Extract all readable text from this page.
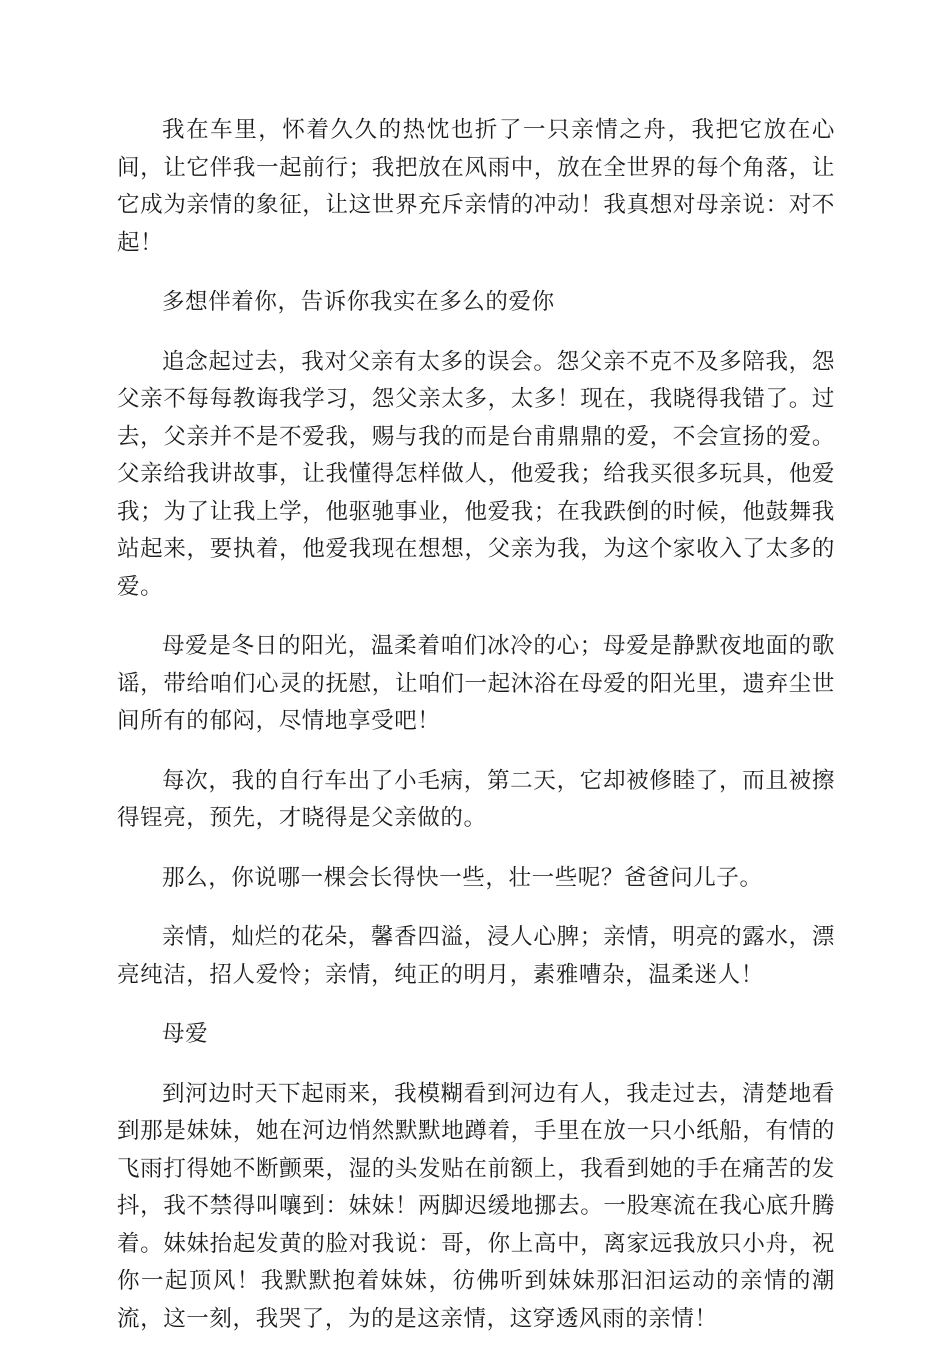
我在车里，怀着久久的热忱也折了一只亲情之舟，我把它放在心间，让它伴我一起前行；我把放在风雨中，放在全世界的每个角落，让它成为亲情的象征，让这世界充斥亲情的冲动！我真想对母亲说：对不起！

多想伴着你，告诉你我实在多么的爱你

追念起过去，我对父亲有太多的误会。怨父亲不克不及多陪我，怨父亲不每每教诲我学习，怨父亲太多，太多！现在，我晓得我错了。过去，父亲并不是不爱我，赐与我的而是台甫鼎鼎的爱，不会宣扬的爱。父亲给我讲故事，让我懂得怎样做人，他爱我；给我买很多玩具，他爱我；为了让我上学，他驱驰事业，他爱我；在我跌倒的时候，他鼓舞我站起来，要执着，他爱我现在想想，父亲为我，为这个家收入了太多的爱。

母爱是冬日的阳光，温柔着咱们冰冷的心；母爱是静默夜地面的歌谣，带给咱们心灵的抚慰，让咱们一起沐浴在母爱的阳光里，遗弃尘世间所有的郁闷，尽情地享受吧！

每次，我的自行车出了小毛病，第二天，它却被修睦了，而且被擦得锃亮，预先，才晓得是父亲做的。

那么，你说哪一棵会长得快一些，壮一些呢？爸爸问儿子。

亲情，灿烂的花朵，馨香四溢，浸人心脾；亲情，明亮的露水，漂亮纯洁，招人爱怜；亲情，纯正的明月，素雅嘈杂，温柔迷人！

母爱

到河边时天下起雨来，我模糊看到河边有人，我走过去，清楚地看到那是妹妹，她在河边悄然默默地蹲着，手里在放一只小纸船，有情的飞雨打得她不断颤栗，湿的头发贴在前额上，我看到她的手在痛苦的发抖，我不禁得叫嚷到：妹妹！两脚迟缓地挪去。一股寒流在我心底升腾着。妹妹抬起发黄的脸对我说：哥，你上高中，离家远我放只小舟，祝你一起顶风！我默默抱着妹妹，彷佛听到妹妹那汩汩运动的亲情的潮流，这一刻，我哭了，为的是这亲情，这穿透风雨的亲情！
